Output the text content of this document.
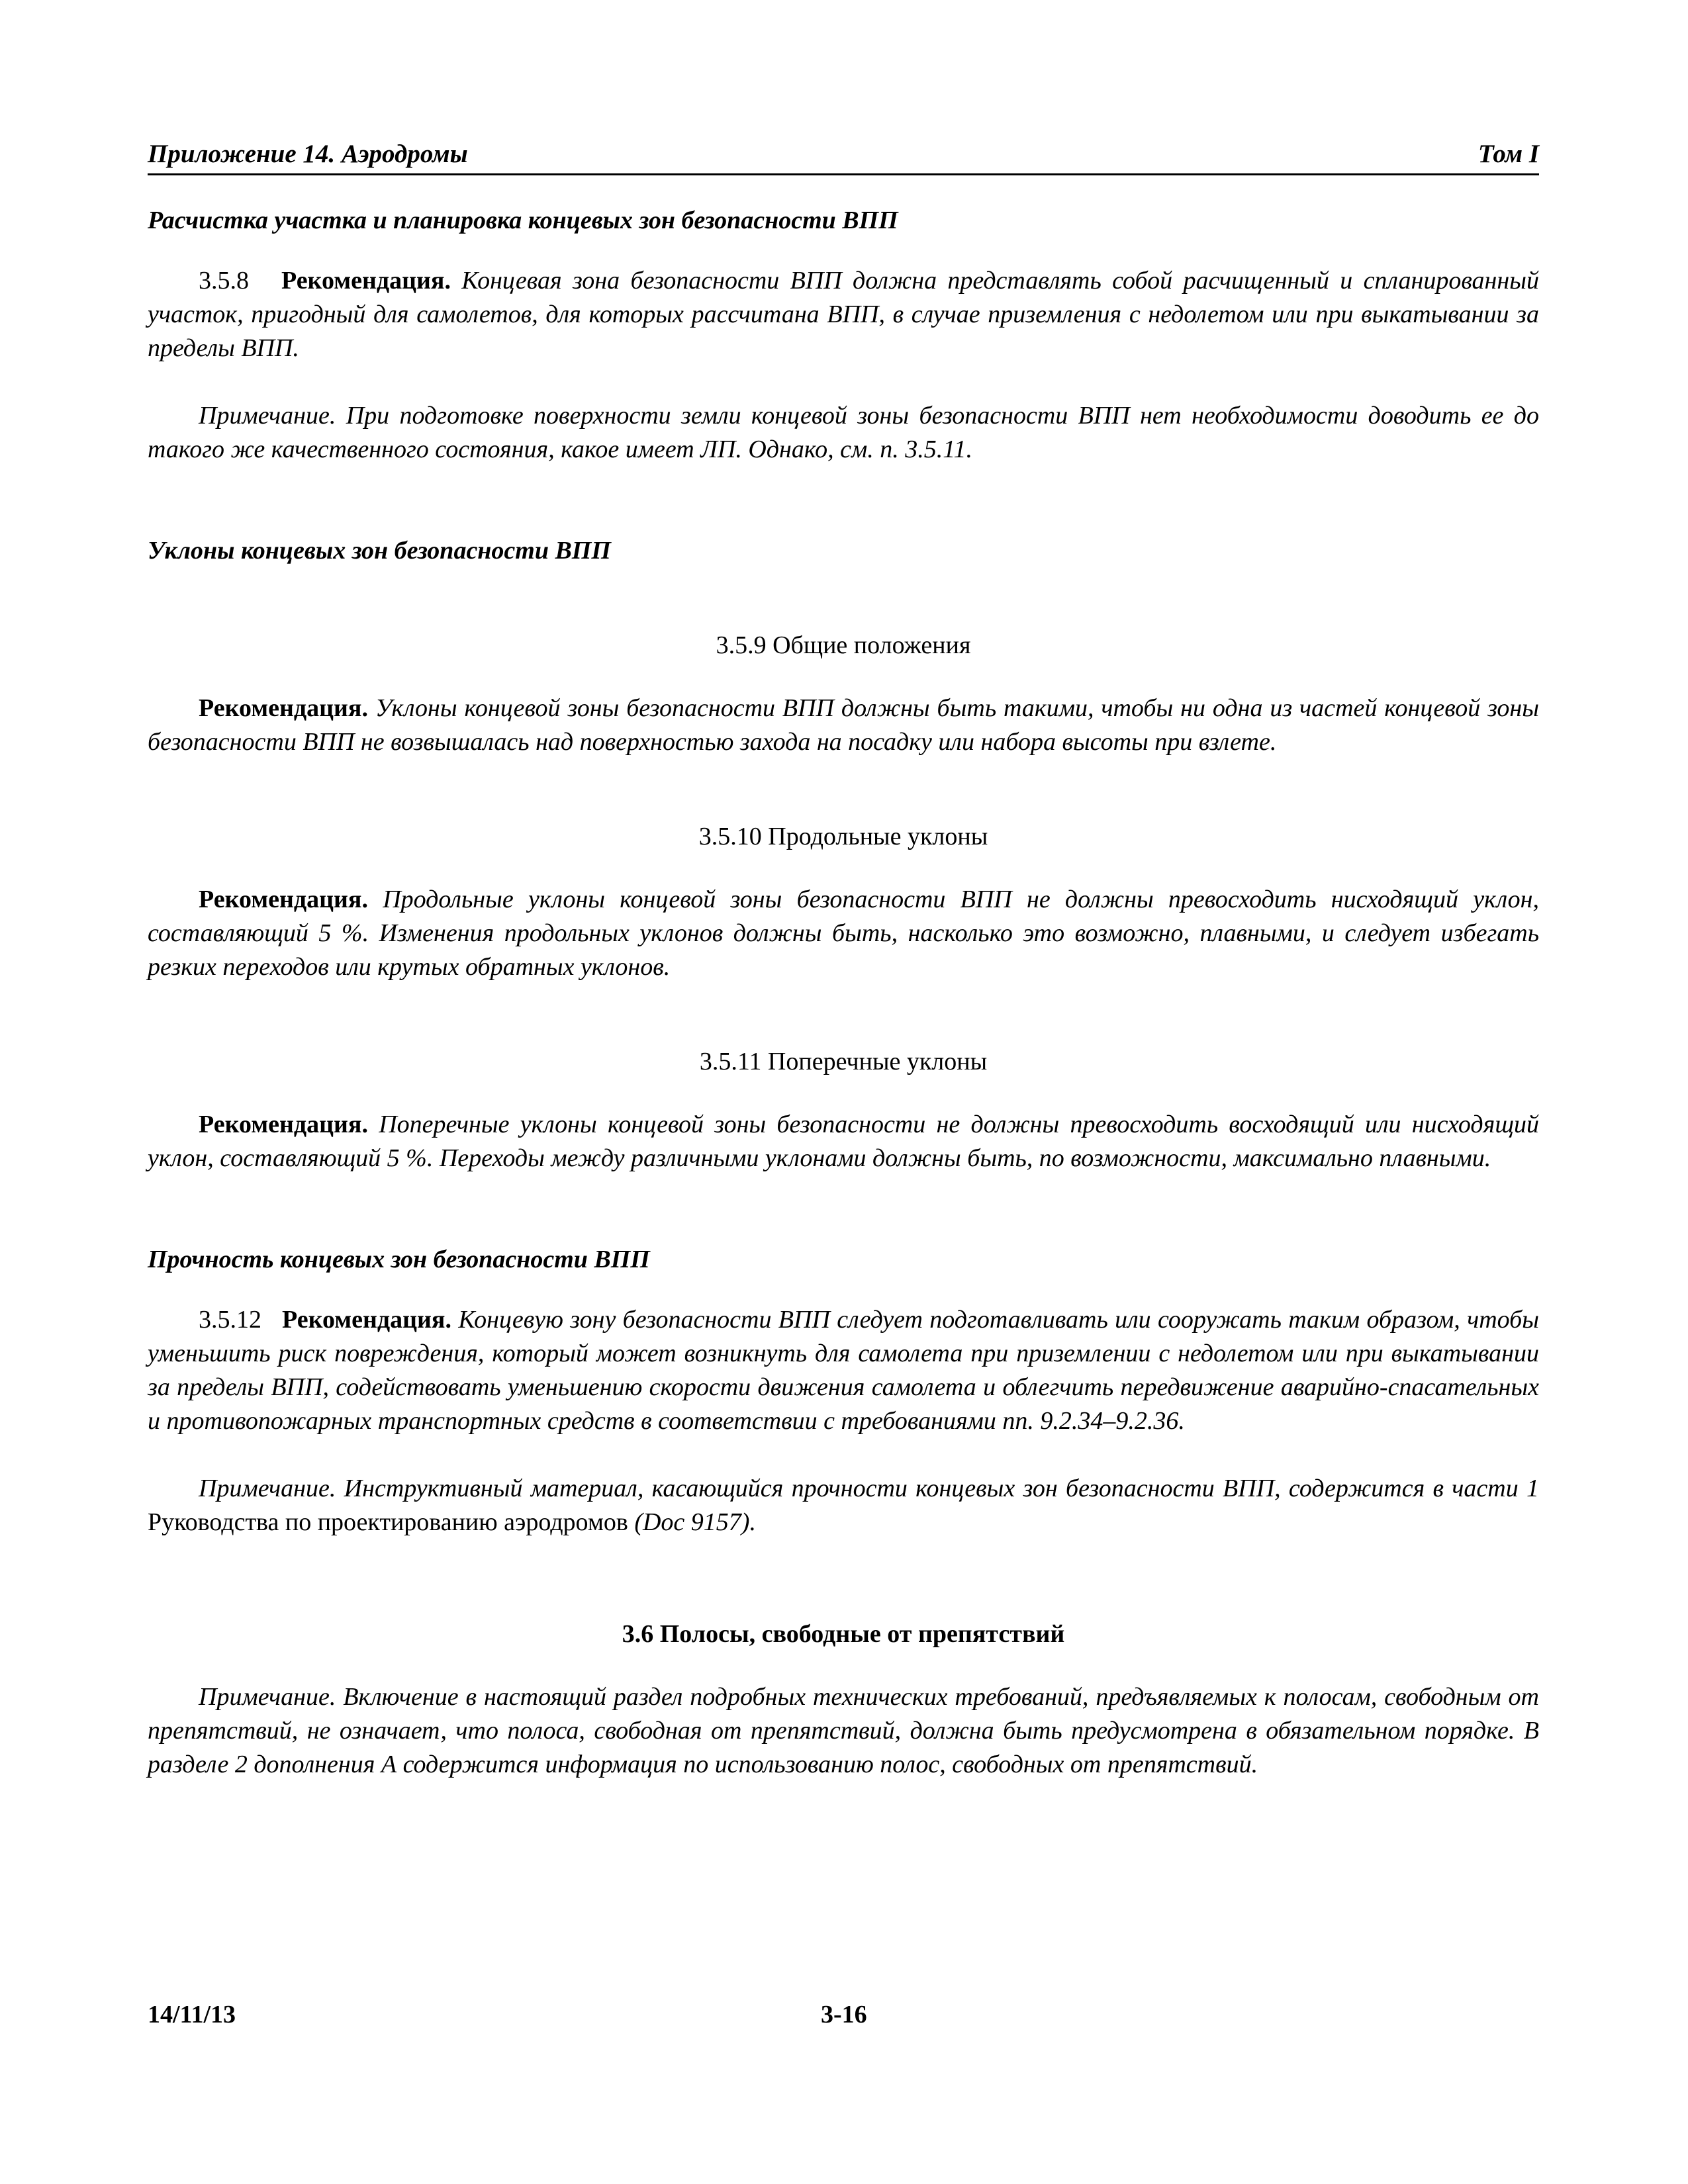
Приложение 14. Аэродромы	Том I

Расчистка участка и планировка концевых зон безопасности ВПП

3.5.8 Рекомендация. Концевая зона безопасности ВПП должна представлять собой расчищенный и спланированный участок, пригодный для самолетов, для которых рассчитана ВПП, в случае приземления с недолетом или при выкатывании за пределы ВПП.

Примечание. При подготовке поверхности земли концевой зоны безопасности ВПП нет необходимости доводить ее до такого же качественного состояния, какое имеет ЛП. Однако, см. п. 3.5.11.

Уклоны концевых зон безопасности ВПП

3.5.9 Общие положения

Рекомендация. Уклоны концевой зоны безопасности ВПП должны быть такими, чтобы ни одна из частей концевой зоны безопасности ВПП не возвышалась над поверхностью захода на посадку или набора высоты при взлете.

3.5.10 Продольные уклоны

Рекомендация. Продольные уклоны концевой зоны безопасности ВПП не должны превосходить нисходящий уклон, составляющий 5 %. Изменения продольных уклонов должны быть, насколько это возможно, плавными, и следует избегать резких переходов или крутых обратных уклонов.

3.5.11 Поперечные уклоны

Рекомендация. Поперечные уклоны концевой зоны безопасности не должны превосходить восходящий или нисходящий уклон, составляющий 5 %. Переходы между различными уклонами должны быть, по возможности, максимально плавными.

Прочность концевых зон безопасности ВПП

3.5.12 Рекомендация. Концевую зону безопасности ВПП следует подготавливать или сооружать таким образом, чтобы уменьшить риск повреждения, который может возникнуть для самолета при приземлении с недолетом или при выкатывании за пределы ВПП, содействовать уменьшению скорости движения самолета и облегчить передвижение аварийно-спасательных и противопожарных транспортных средств в соответствии с требованиями пп. 9.2.34–9.2.36.

Примечание. Инструктивный материал, касающийся прочности концевых зон безопасности ВПП, содержится в части 1 Руководства по проектированию аэродромов (Doc 9157).

3.6 Полосы, свободные от препятствий

Примечание. Включение в настоящий раздел подробных технических требований, предъявляемых к полосам, свободным от препятствий, не означает, что полоса, свободная от препятствий, должна быть предусмотрена в обязательном порядке. В разделе 2 дополнения А содержится информация по использованию полос, свободных от препятствий.

14/11/13	3-16
